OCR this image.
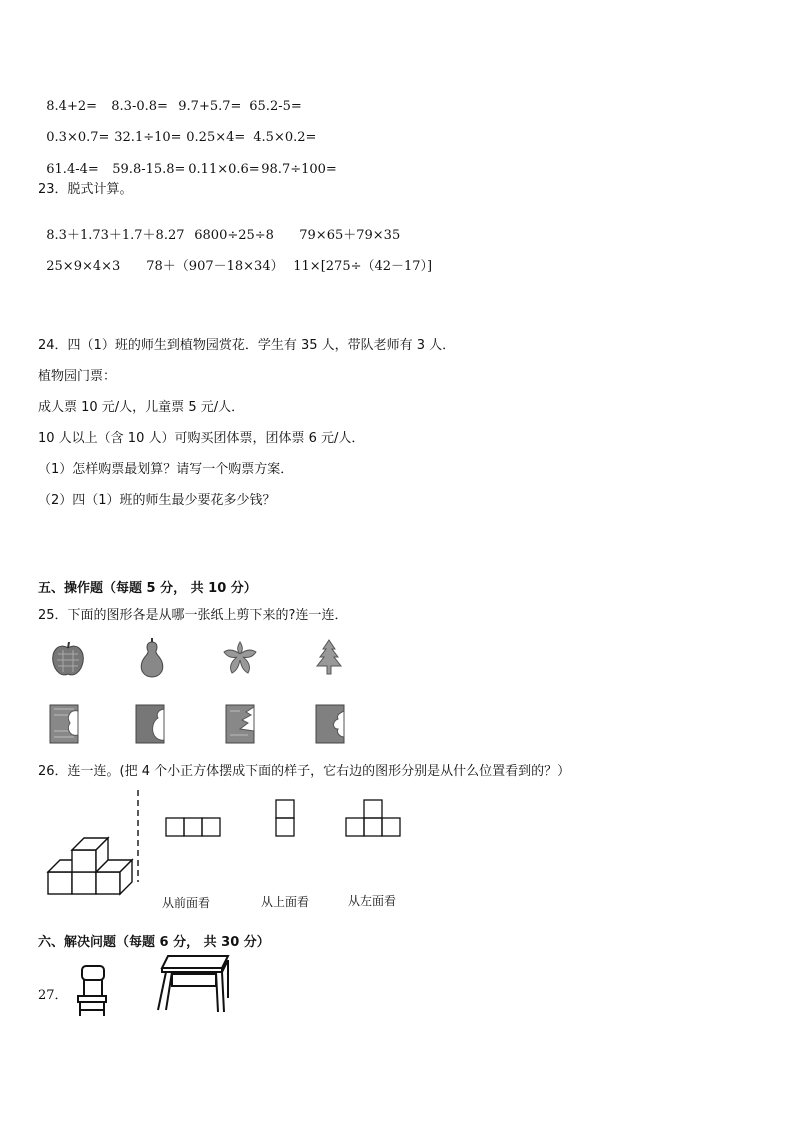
8.4+2= 8.3-0.8= 9.7+5.7= 65.2-5=

0.3×0.7= 32.1÷10= 0.25×4= 4.5×0.2=

61.4-4= 59.8-15.8= 0.11×0.6= 98.7÷100=

23．脱式计算。

8.3＋1.73＋1.7＋8.27 6800÷25÷8 79×65＋79×35

25×9×4×3 78＋（907－18×34） 11×[275÷（42－17）]

24．四（1）班的师生到植物园赏花．学生有 35 人，带队老师有 3 人．
植物园门票：
成人票 10 元/人，儿童票 5 元/人．
10 人以上（含 10 人）可购买团体票，团体票 6 元/人．
（1）怎样购票最划算？请写一个购票方案．
（2）四（1）班的师生最少要花多少钱？
五、操作题（每题 5 分， 共 10 分）
25．下面的图形各是从哪一张纸上剪下来的?连一连．
26．连一连。(把 4 个小正方体摆成下面的样子，它右边的图形分别是从什么位置看到的？）
从前面看	从上面看	从左面看
六、解决问题（每题 6 分， 共 30 分）
27．
